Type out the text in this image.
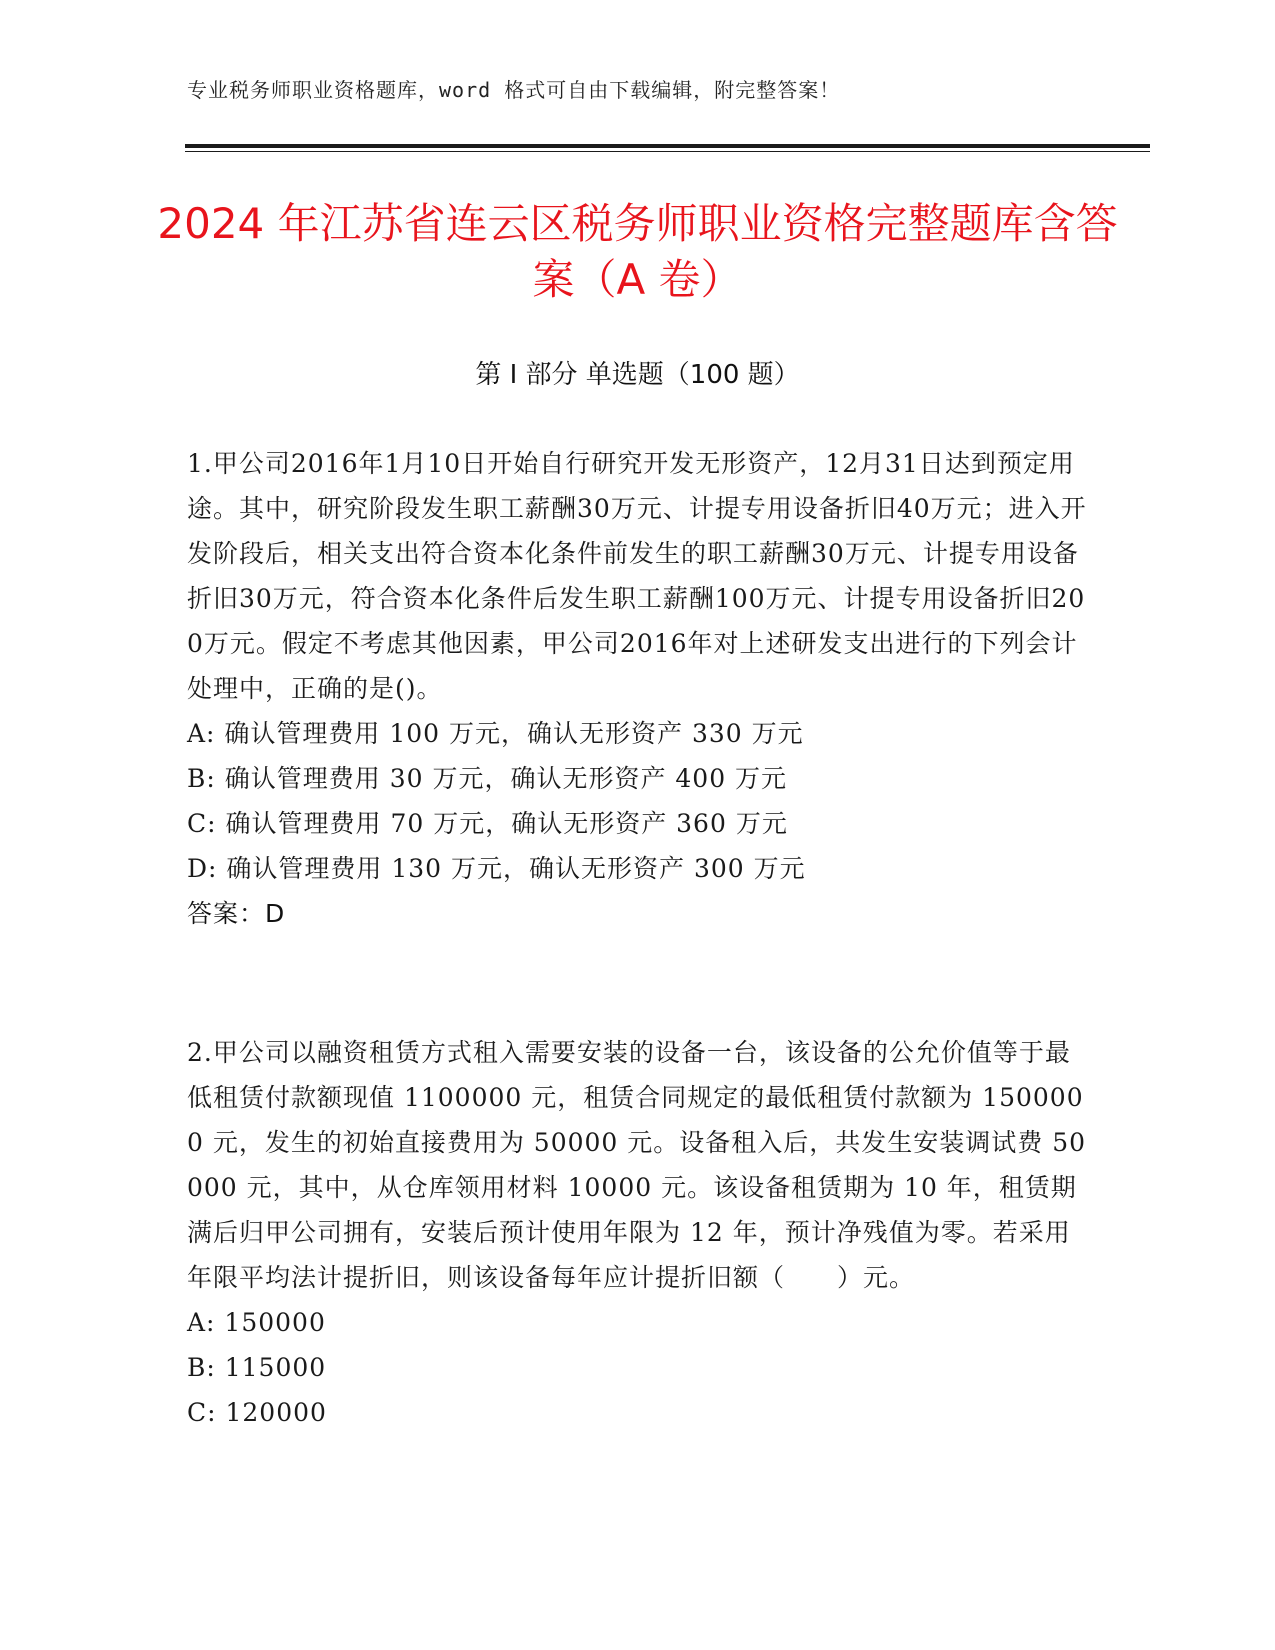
专业税务师职业资格题库，word 格式可自由下载编辑，附完整答案！
2024 年江苏省连云区税务师职业资格完整题库含答案（A 卷）
第 I 部分 单选题（100 题）

1.甲公司2016年1月10日开始自行研究开发无形资产，12月31日达到预定用途。其中，研究阶段发生职工薪酬30万元、计提专用设备折旧40万元；进入开发阶段后，相关支出符合资本化条件前发生的职工薪酬30万元、计提专用设备折旧30万元，符合资本化条件后发生职工薪酬100万元、计提专用设备折旧200万元。假定不考虑其他因素，甲公司2016年对上述研发支出进行的下列会计处理中，正确的是()。

A: 确认管理费用 100 万元，确认无形资产 330 万元
B: 确认管理费用 30 万元，确认无形资产 400 万元
C: 确认管理费用 70 万元，确认无形资产 360 万元
D: 确认管理费用 130 万元，确认无形资产 300 万元

答案：D

2.甲公司以融资租赁方式租入需要安装的设备一台，该设备的公允价值等于最低租赁付款额现值 1100000 元，租赁合同规定的最低租赁付款额为 1500000 元，发生的初始直接费用为 50000 元。设备租入后，共发生安装调试费 50000 元，其中，从仓库领用材料 10000 元。该设备租赁期为 10 年，租赁期满后归甲公司拥有，安装后预计使用年限为 12 年，预计净残值为零。若采用年限平均法计提折旧，则该设备每年应计提折旧额（　　）元。

A: 150000
B: 115000
C: 120000
